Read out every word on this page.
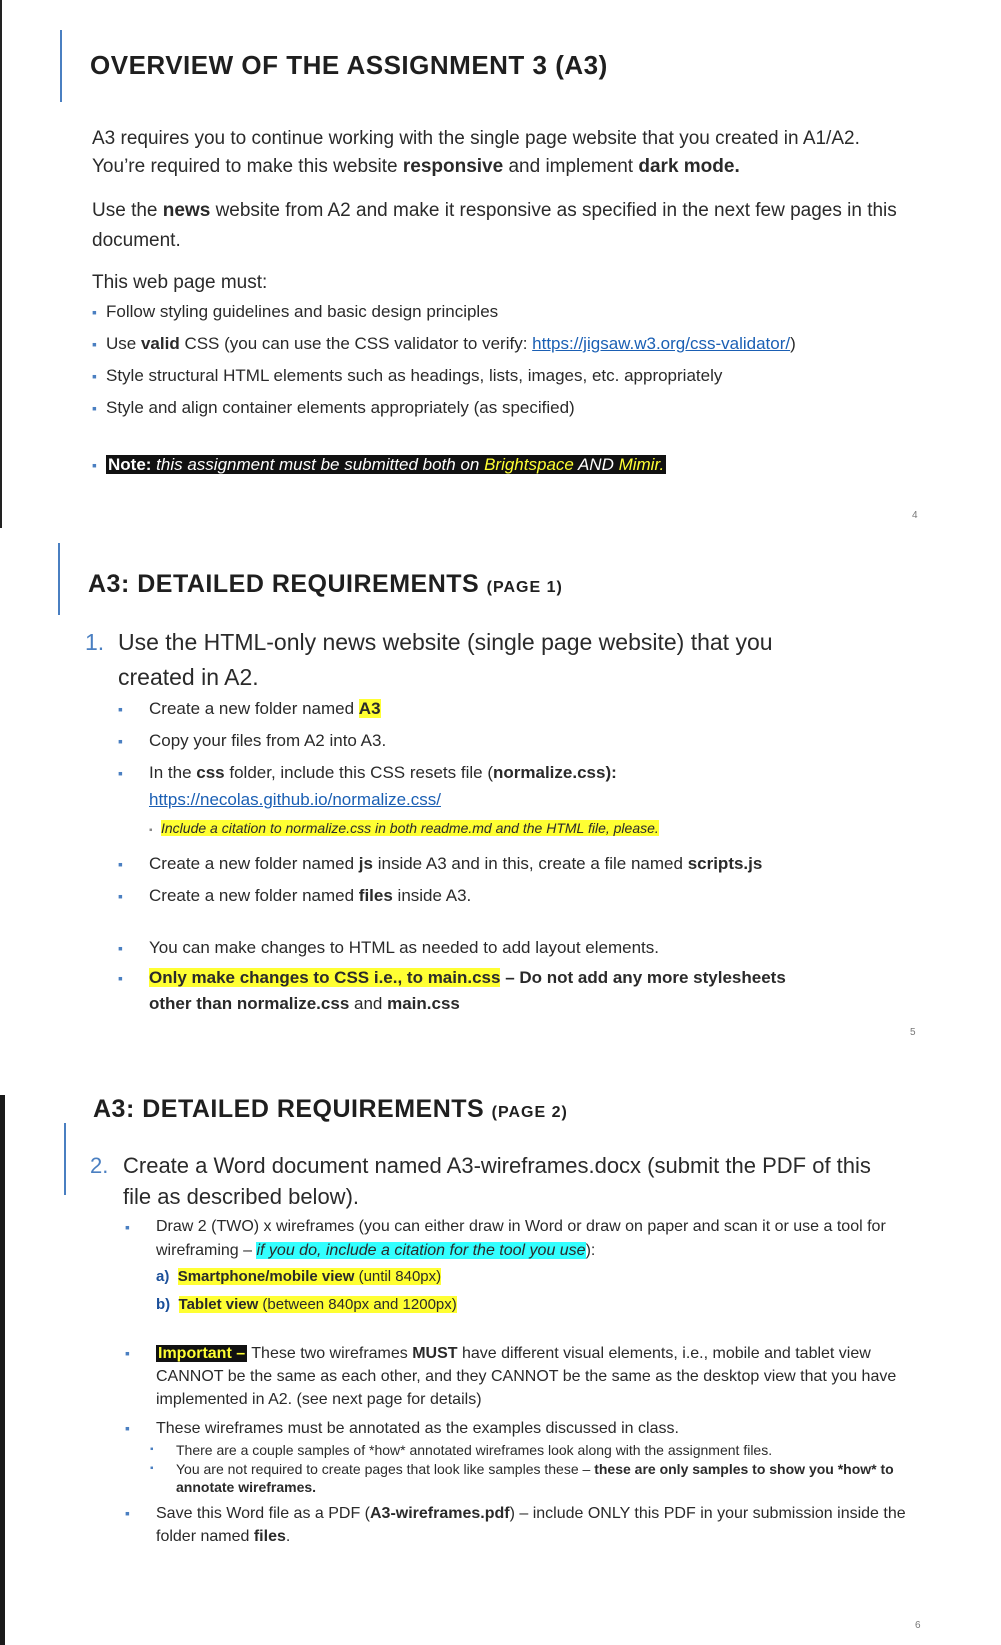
OVERVIEW OF THE ASSIGNMENT 3 (A3)

A3 requires you to continue working with the single page website that you created in A1/A2.
You’re required to make this website responsive and implement dark mode.

Use the news website from A2 and make it responsive as specified in the next few pages in this document.

This web page must:
▪ Follow styling guidelines and basic design principles
▪ Use valid CSS (you can use the CSS validator to verify: https://jigsaw.w3.org/css-validator/)
▪ Style structural HTML elements such as headings, lists, images, etc. appropriately
▪ Style and align container elements appropriately (as specified)
▪ Note: this assignment must be submitted both on Brightspace AND Mimir.
4
A3: DETAILED REQUIREMENTS (PAGE 1)
1. Use the HTML-only news website (single page website) that you created in A2.
▪ Create a new folder named A3
▪ Copy your files from A2 into A3.
▪ In the css folder, include this CSS resets file (normalize.css):
https://necolas.github.io/normalize.css/
▪ Include a citation to normalize.css in both readme.md and the HTML file, please.
▪ Create a new folder named js inside A3 and in this, create a file named scripts.js
▪ Create a new folder named files inside A3.
▪ You can make changes to HTML as needed to add layout elements.
▪ Only make changes to CSS i.e., to main.css – Do not add any more stylesheets
other than normalize.css and main.css
5
A3: DETAILED REQUIREMENTS (PAGE 2)
2. Create a Word document named A3-wireframes.docx (submit the PDF of this file as described below).
▪	Draw 2 (TWO) x wireframes (you can either draw in Word or draw on paper and scan it or use a tool for wireframing – if you do, include a citation for the tool you use):
a) Smartphone/mobile view (until 840px)
b) Tablet view (between 840px and 1200px)
▪	Important – These two wireframes MUST have different visual elements, i.e., mobile and tablet view CANNOT be the same as each other, and they CANNOT be the same as the desktop view that you have implemented in A2. (see next page for details)
▪	These wireframes must be annotated as the examples discussed in class.
▪	There are a couple samples of *how* annotated wireframes look along with the assignment files.
▪	You are not required to create pages that look like samples these – these are only samples to show you *how* to annotate wireframes.
▪	Save this Word file as a PDF (A3-wireframes.pdf) – include ONLY this PDF in your submission inside the folder named files.
6
